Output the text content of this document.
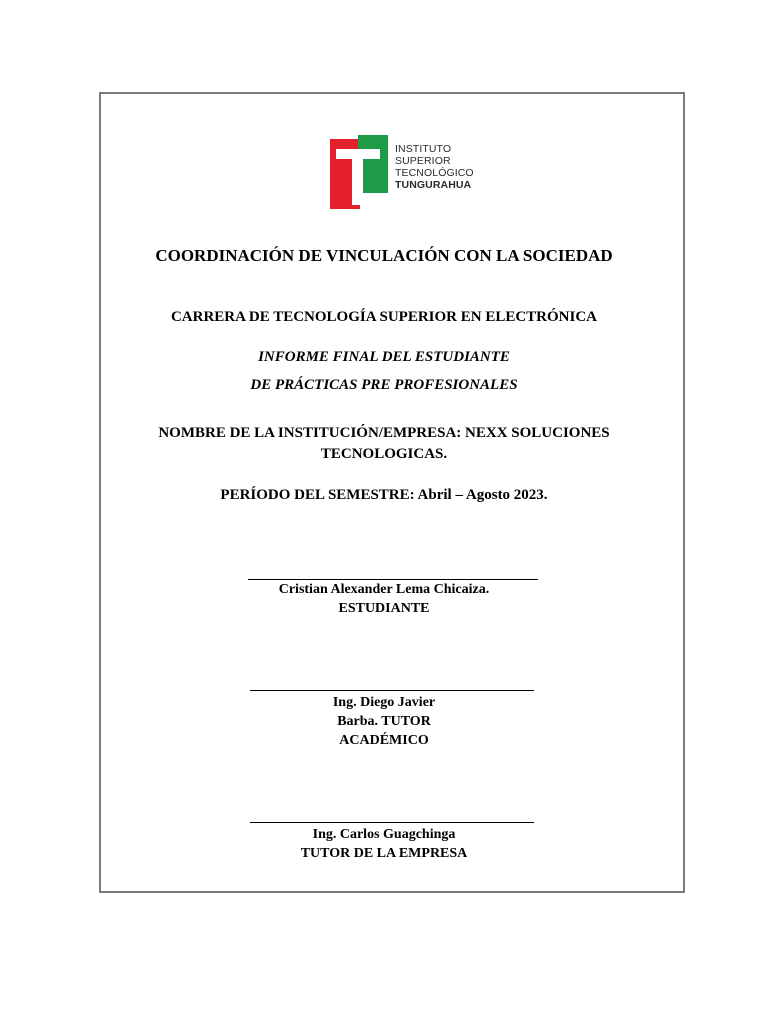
INSTITUTO
SUPERIOR
TECNOLÓGICO
TUNGURAHUA
COORDINACIÓN DE VINCULACIÓN CON LA SOCIEDAD
CARRERA DE TECNOLOGÍA SUPERIOR EN ELECTRÓNICA
INFORME FINAL DEL ESTUDIANTE
DE PRÁCTICAS PRE PROFESIONALES
NOMBRE DE LA INSTITUCIÓN/EMPRESA: NEXX SOLUCIONES
TECNOLOGICAS.
PERÍODO DEL SEMESTRE: Abril – Agosto 2023.
Cristian Alexander Lema Chicaiza.
ESTUDIANTE
Ing. Diego Javier
Barba. TUTOR
ACADÉMICO
Ing. Carlos Guagchinga
TUTOR DE LA EMPRESA
